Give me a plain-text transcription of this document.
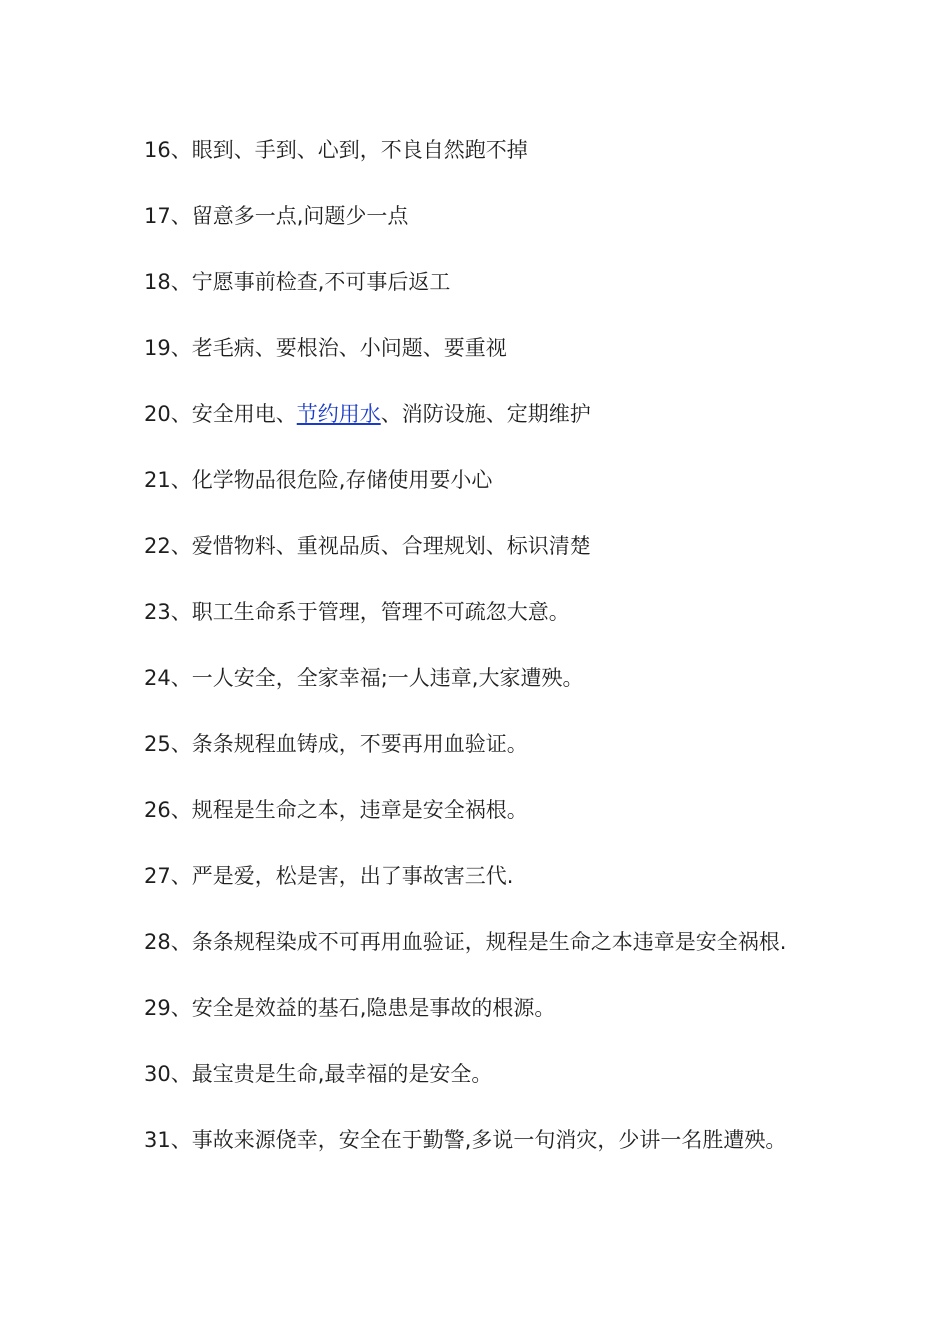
16、眼到、手到、心到，不良自然跑不掉
17、留意多一点,问题少一点
18、宁愿事前检查,不可事后返工
19、老毛病、要根治、小问题、要重视
20、安全用电、节约用水、消防设施、定期维护
21、化学物品很危险,存储使用要小心
22、爱惜物料、重视品质、合理规划、标识清楚
23、职工生命系于管理，管理不可疏忽大意。
24、一人安全，全家幸福;一人违章,大家遭殃。
25、条条规程血铸成，不要再用血验证。
26、规程是生命之本，违章是安全祸根。
27、严是爱，松是害，出了事故害三代.
28、条条规程染成不可再用血验证，规程是生命之本违章是安全祸根.
29、安全是效益的基石,隐患是事故的根源。
30、最宝贵是生命,最幸福的是安全。
31、事故来源侥幸，安全在于勤警,多说一句消灾，少讲一名胜遭殃。
